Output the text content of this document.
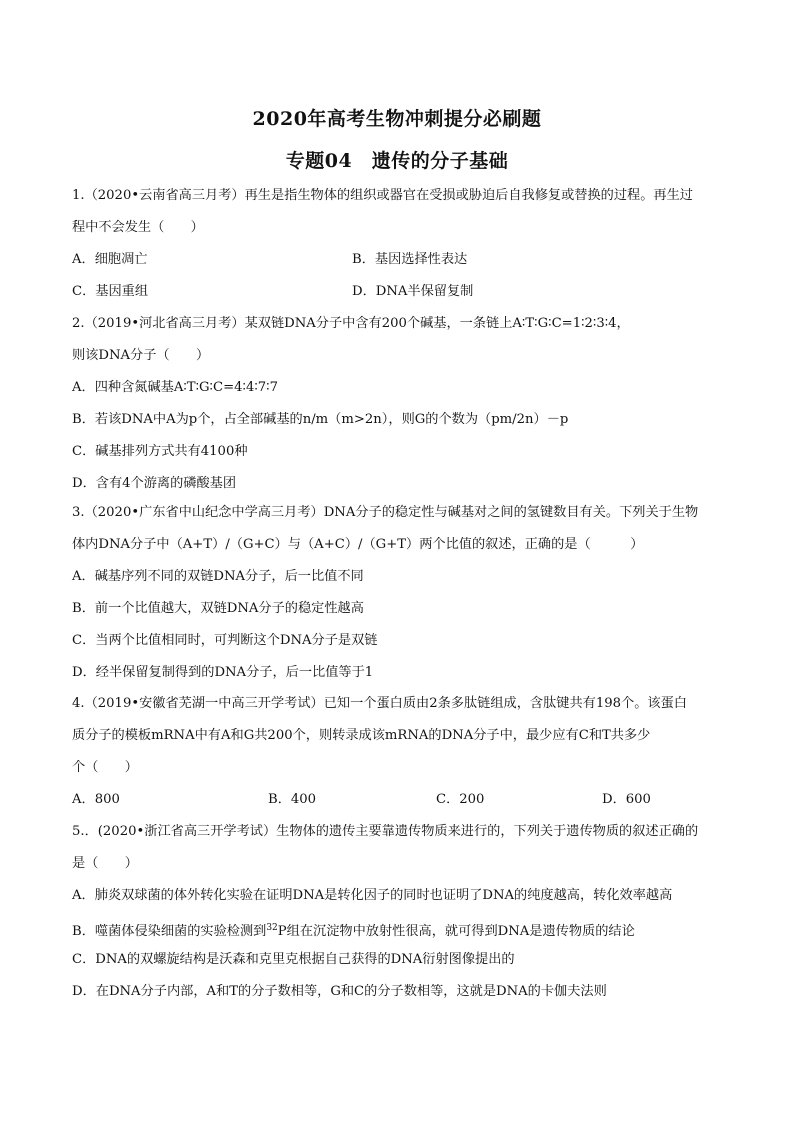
2020年高考生物冲刺提分必刷题
专题04　遗传的分子基础
1.（2020•云南省高三月考）再生是指生物体的组织或器官在受损或胁迫后自我修复或替换的过程。再生过
程中不会发生（　　）
A．细胞凋亡	B．基因选择性表达
C．基因重组	D．DNA半保留复制
2.（2019•河北省高三月考）某双链DNA分子中含有200个碱基，一条链上A∶T∶G∶C=1∶2∶3∶4，
则该DNA分子（　　）
A．四种含氮碱基A∶T∶G∶C=4∶4∶7∶7
B．若该DNA中A为p个，占全部碱基的n/m（m>2n），则G的个数为（pm/2n）－p
C．碱基排列方式共有4100种
D．含有4个游离的磷酸基团
3.（2020•广东省中山纪念中学高三月考）DNA分子的稳定性与碱基对之间的氢键数目有关。下列关于生物
体内DNA分子中（A+T）/（G+C）与（A+C）/（G+T）两个比值的叙述，正确的是（　　　）
A．碱基序列不同的双链DNA分子，后一比值不同
B．前一个比值越大，双链DNA分子的稳定性越高
C．当两个比值相同时，可判断这个DNA分子是双链
D．经半保留复制得到的DNA分子，后一比值等于1
4.（2019•安徽省芜湖一中高三开学考试）已知一个蛋白质由2条多肽链组成，含肽键共有198个。该蛋白
质分子的模板mRNA中有A和G共200个，则转录成该mRNA的DNA分子中，最少应有C和T共多少
个（　　）
A．800	B．400	C．200	D．600
5.．(2020•浙江省高三开学考试）生物体的遗传主要靠遗传物质来进行的，下列关于遗传物质的叙述正确的
是（　　）
A．肺炎双球菌的体外转化实验在证明DNA是转化因子的同时也证明了DNA的纯度越高，转化效率越高
B．噬菌体侵染细菌的实验检测到$^{32}$P组在沉淀物中放射性很高，就可得到DNA是遗传物质的结论
C．DNA的双螺旋结构是沃森和克里克根据自己获得的DNA衍射图像提出的
D．在DNA分子内部，A和T的分子数相等，G和C的分子数相等，这就是DNA的卡伽夫法则
